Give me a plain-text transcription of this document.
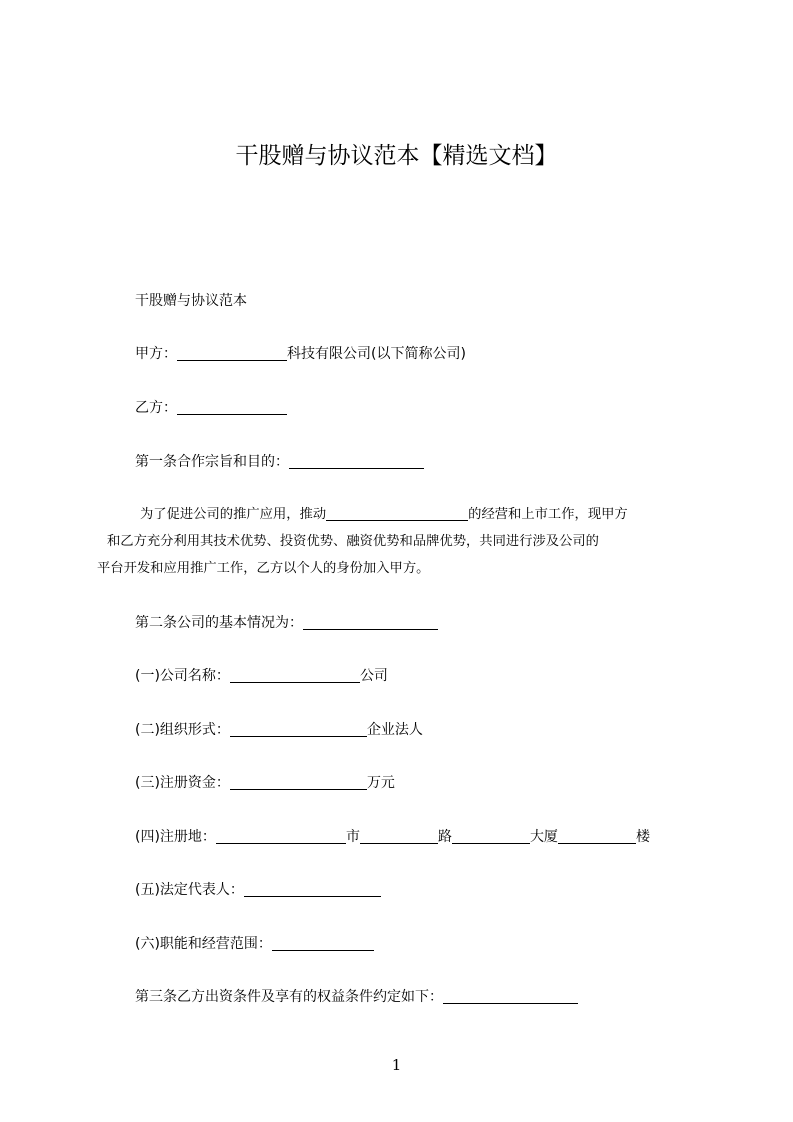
干股赠与协议范本【精选文档】
干股赠与协议范本
甲方：	科技有限公司(以下简称公司)
乙方：
第一条合作宗旨和目的：
为了促进公司的推广应用，推动	的经营和上市工作，现甲方
和乙方充分利用其技术优势、投资优势、融资优势和品牌优势，共同进行涉及公司的
平台开发和应用推广工作，乙方以个人的身份加入甲方。
第二条公司的基本情况为：
(一)公司名称：	公司
(二)组织形式：	企业法人
(三)注册资金：	万元
(四)注册地：	市	路	大厦	楼
(五)法定代表人：
(六)职能和经营范围：
第三条乙方出资条件及享有的权益条件约定如下：
1
